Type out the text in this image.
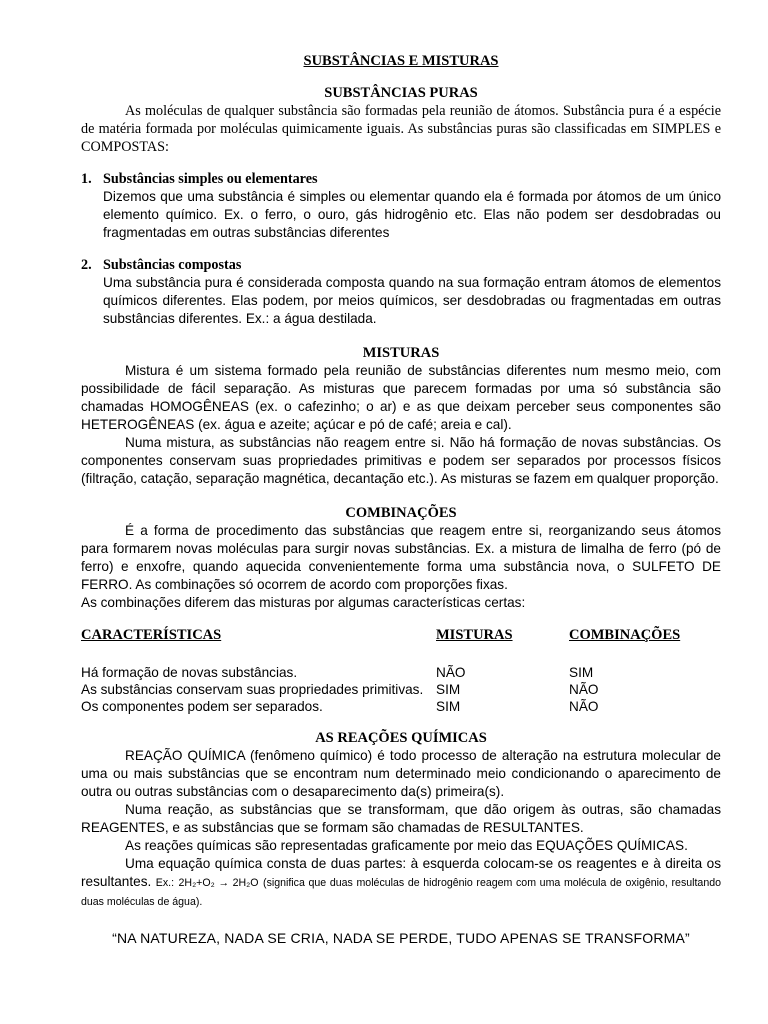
SUBSTÂNCIAS E MISTURAS
SUBSTÂNCIAS PURAS

As moléculas de qualquer substância são formadas pela reunião de átomos. Substância pura é a espécie de matéria formada por moléculas quimicamente iguais. As substâncias puras são classificadas em SIMPLES e COMPOSTAS:

1. Substâncias simples ou elementares
Dizemos que uma substância é simples ou elementar quando ela é formada por átomos de um único elemento químico. Ex. o ferro, o ouro, gás hidrogênio etc. Elas não podem ser desdobradas ou fragmentadas em outras substâncias diferentes
2. Substâncias compostas
Uma substância pura é considerada composta quando na sua formação entram átomos de elementos químicos diferentes. Elas podem, por meios químicos, ser desdobradas ou fragmentadas em outras substâncias diferentes. Ex.: a água destilada.
MISTURAS

Mistura é um sistema formado pela reunião de substâncias diferentes num mesmo meio, com possibilidade de fácil separação. As misturas que parecem formadas por uma só substância são chamadas HOMOGÊNEAS (ex. o cafezinho; o ar) e as que deixam perceber seus componentes são HETEROGÊNEAS (ex. água e azeite; açúcar e pó de café; areia e cal).

Numa mistura, as substâncias não reagem entre si. Não há formação de novas substâncias. Os componentes conservam suas propriedades primitivas e podem ser separados por processos físicos (filtração, catação, separação magnética, decantação etc.). As misturas se fazem em qualquer proporção.

COMBINAÇÕES

É a forma de procedimento das substâncias que reagem entre si, reorganizando seus átomos para formarem novas moléculas para surgir novas substâncias. Ex. a mistura de limalha de ferro (pó de ferro) e enxofre, quando aquecida convenientemente forma uma substância nova, o SULFETO DE FERRO. As combinações só ocorrem de acordo com proporções fixas.

As combinações diferem das misturas por algumas características certas:

CARACTERÍSTICAS	MISTURAS	COMBINAÇÕES
Há formação de novas substâncias.	NÃO	SIM
As substâncias conservam suas propriedades primitivas.	SIM	NÃO
Os componentes podem ser separados.	SIM	NÃO
AS REAÇÕES QUÍMICAS

REAÇÃO QUÍMICA (fenômeno químico) é todo processo de alteração na estrutura molecular de uma ou mais substâncias que se encontram num determinado meio condicionando o aparecimento de outra ou outras substâncias com o desaparecimento da(s) primeira(s).

Numa reação, as substâncias que se transformam, que dão origem às outras, são chamadas REAGENTES, e as substâncias que se formam são chamadas de RESULTANTES.

As reações químicas são representadas graficamente por meio das EQUAÇÕES QUÍMICAS.

Uma equação química consta de duas partes: à esquerda colocam-se os reagentes e à direita os resultantes. Ex.: 2H₂+O₂ → 2H₂O (significa que duas moléculas de hidrogênio reagem com uma molécula de oxigênio, resultando duas moléculas de água).

“NA NATUREZA, NADA SE CRIA, NADA SE PERDE, TUDO APENAS SE TRANSFORMA”
